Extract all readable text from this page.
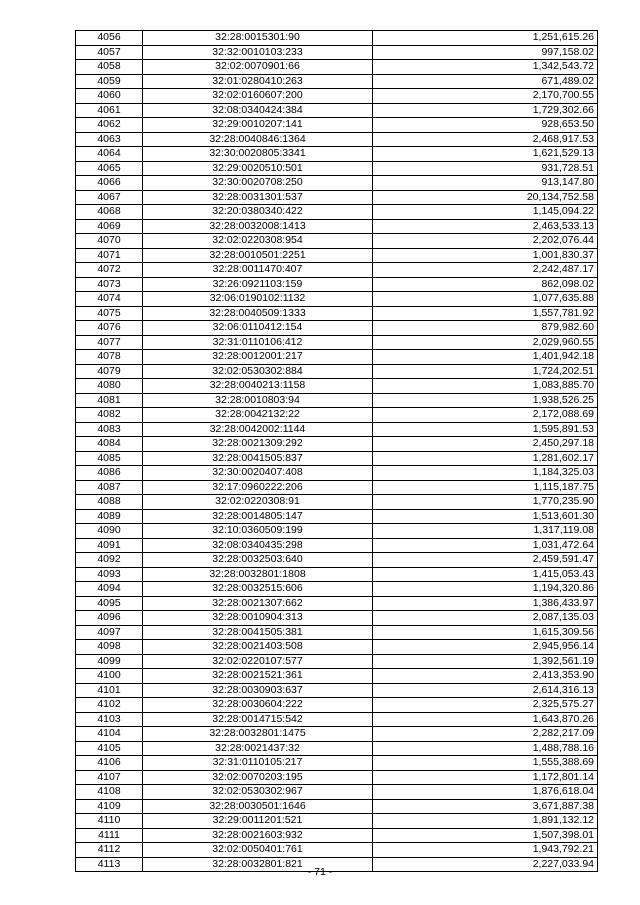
4056	32:28:0015301:90	1,251,615.26
4057	32:32:0010103:233	997,158.02
4058	32:02:0070901:66	1,342,543.72
4059	32:01:0280410:263	671,489.02
4060	32:02:0160607:200	2,170,700.55
4061	32:08:0340424:384	1,729,302.66
4062	32:29:0010207:141	928,653.50
4063	32:28:0040846:1364	2,468,917.53
4064	32:30:0020805:3341	1,621,529.13
4065	32:29:0020510:501	931,728.51
4066	32:30:0020708:250	913,147.80
4067	32:28:0031301:537	20,134,752.58
4068	32:20:0380340:422	1,145,094.22
4069	32:28:0032008:1413	2,463,533.13
4070	32:02:0220308:954	2,202,076.44
4071	32:28:0010501:2251	1,001,830.37
4072	32:28:0011470:407	2,242,487.17
4073	32:26:0921103:159	862,098.02
4074	32:06:0190102:1132	1,077,635.88
4075	32:28:0040509:1333	1,557,781.92
4076	32:06:0110412:154	879,982.60
4077	32:31:0110106:412	2,029,960.55
4078	32:28:0012001:217	1,401,942.18
4079	32:02:0530302:884	1,724,202.51
4080	32:28:0040213:1158	1,083,885.70
4081	32:28:0010803:94	1,938,526.25
4082	32:28:0042132:22	2,172,088.69
4083	32:28:0042002:1144	1,595,891.53
4084	32:28:0021309:292	2,450,297.18
4085	32:28:0041505:837	1,281,602.17
4086	32:30:0020407:408	1,184,325.03
4087	32:17:0960222:206	1,115,187.75
4088	32:02:0220308:91	1,770,235.90
4089	32:28:0014805:147	1,513,601.30
4090	32:10:0360509:199	1,317,119.08
4091	32:08:0340435:298	1,031,472.64
4092	32:28:0032503:640	2,459,591.47
4093	32:28:0032801:1808	1,415,053.43
4094	32:28:0032515:606	1,194,320.86
4095	32:28:0021307:662	1,386,433.97
4096	32:28:0010904:313	2,087,135.03
4097	32:28:0041505:381	1,615,309.56
4098	32:28:0021403:508	2,945,956.14
4099	32:02:0220107:577	1,392,561.19
4100	32:28:0021521:361	2,413,353.90
4101	32:28:0030903:637	2,614,316.13
4102	32:28:0030604:222	2,325,575.27
4103	32:28:0014715:542	1,643,870.26
4104	32:28:0032801:1475	2,282,217.09
4105	32:28:0021437:32	1,488,788.16
4106	32:31:0110105:217	1,555,388.69
4107	32:02:0070203:195	1,172,801.14
4108	32:02:0530302:967	1,876,618.04
4109	32:28:0030501:1646	3,671,887.38
4110	32:29:0011201:521	1,891,132.12
4111	32:28:0021603:932	1,507,398.01
4112	32:02:0050401:761	1,943,792.21
4113	32:28:0032801:821	2,227,033.94
- 71 -
